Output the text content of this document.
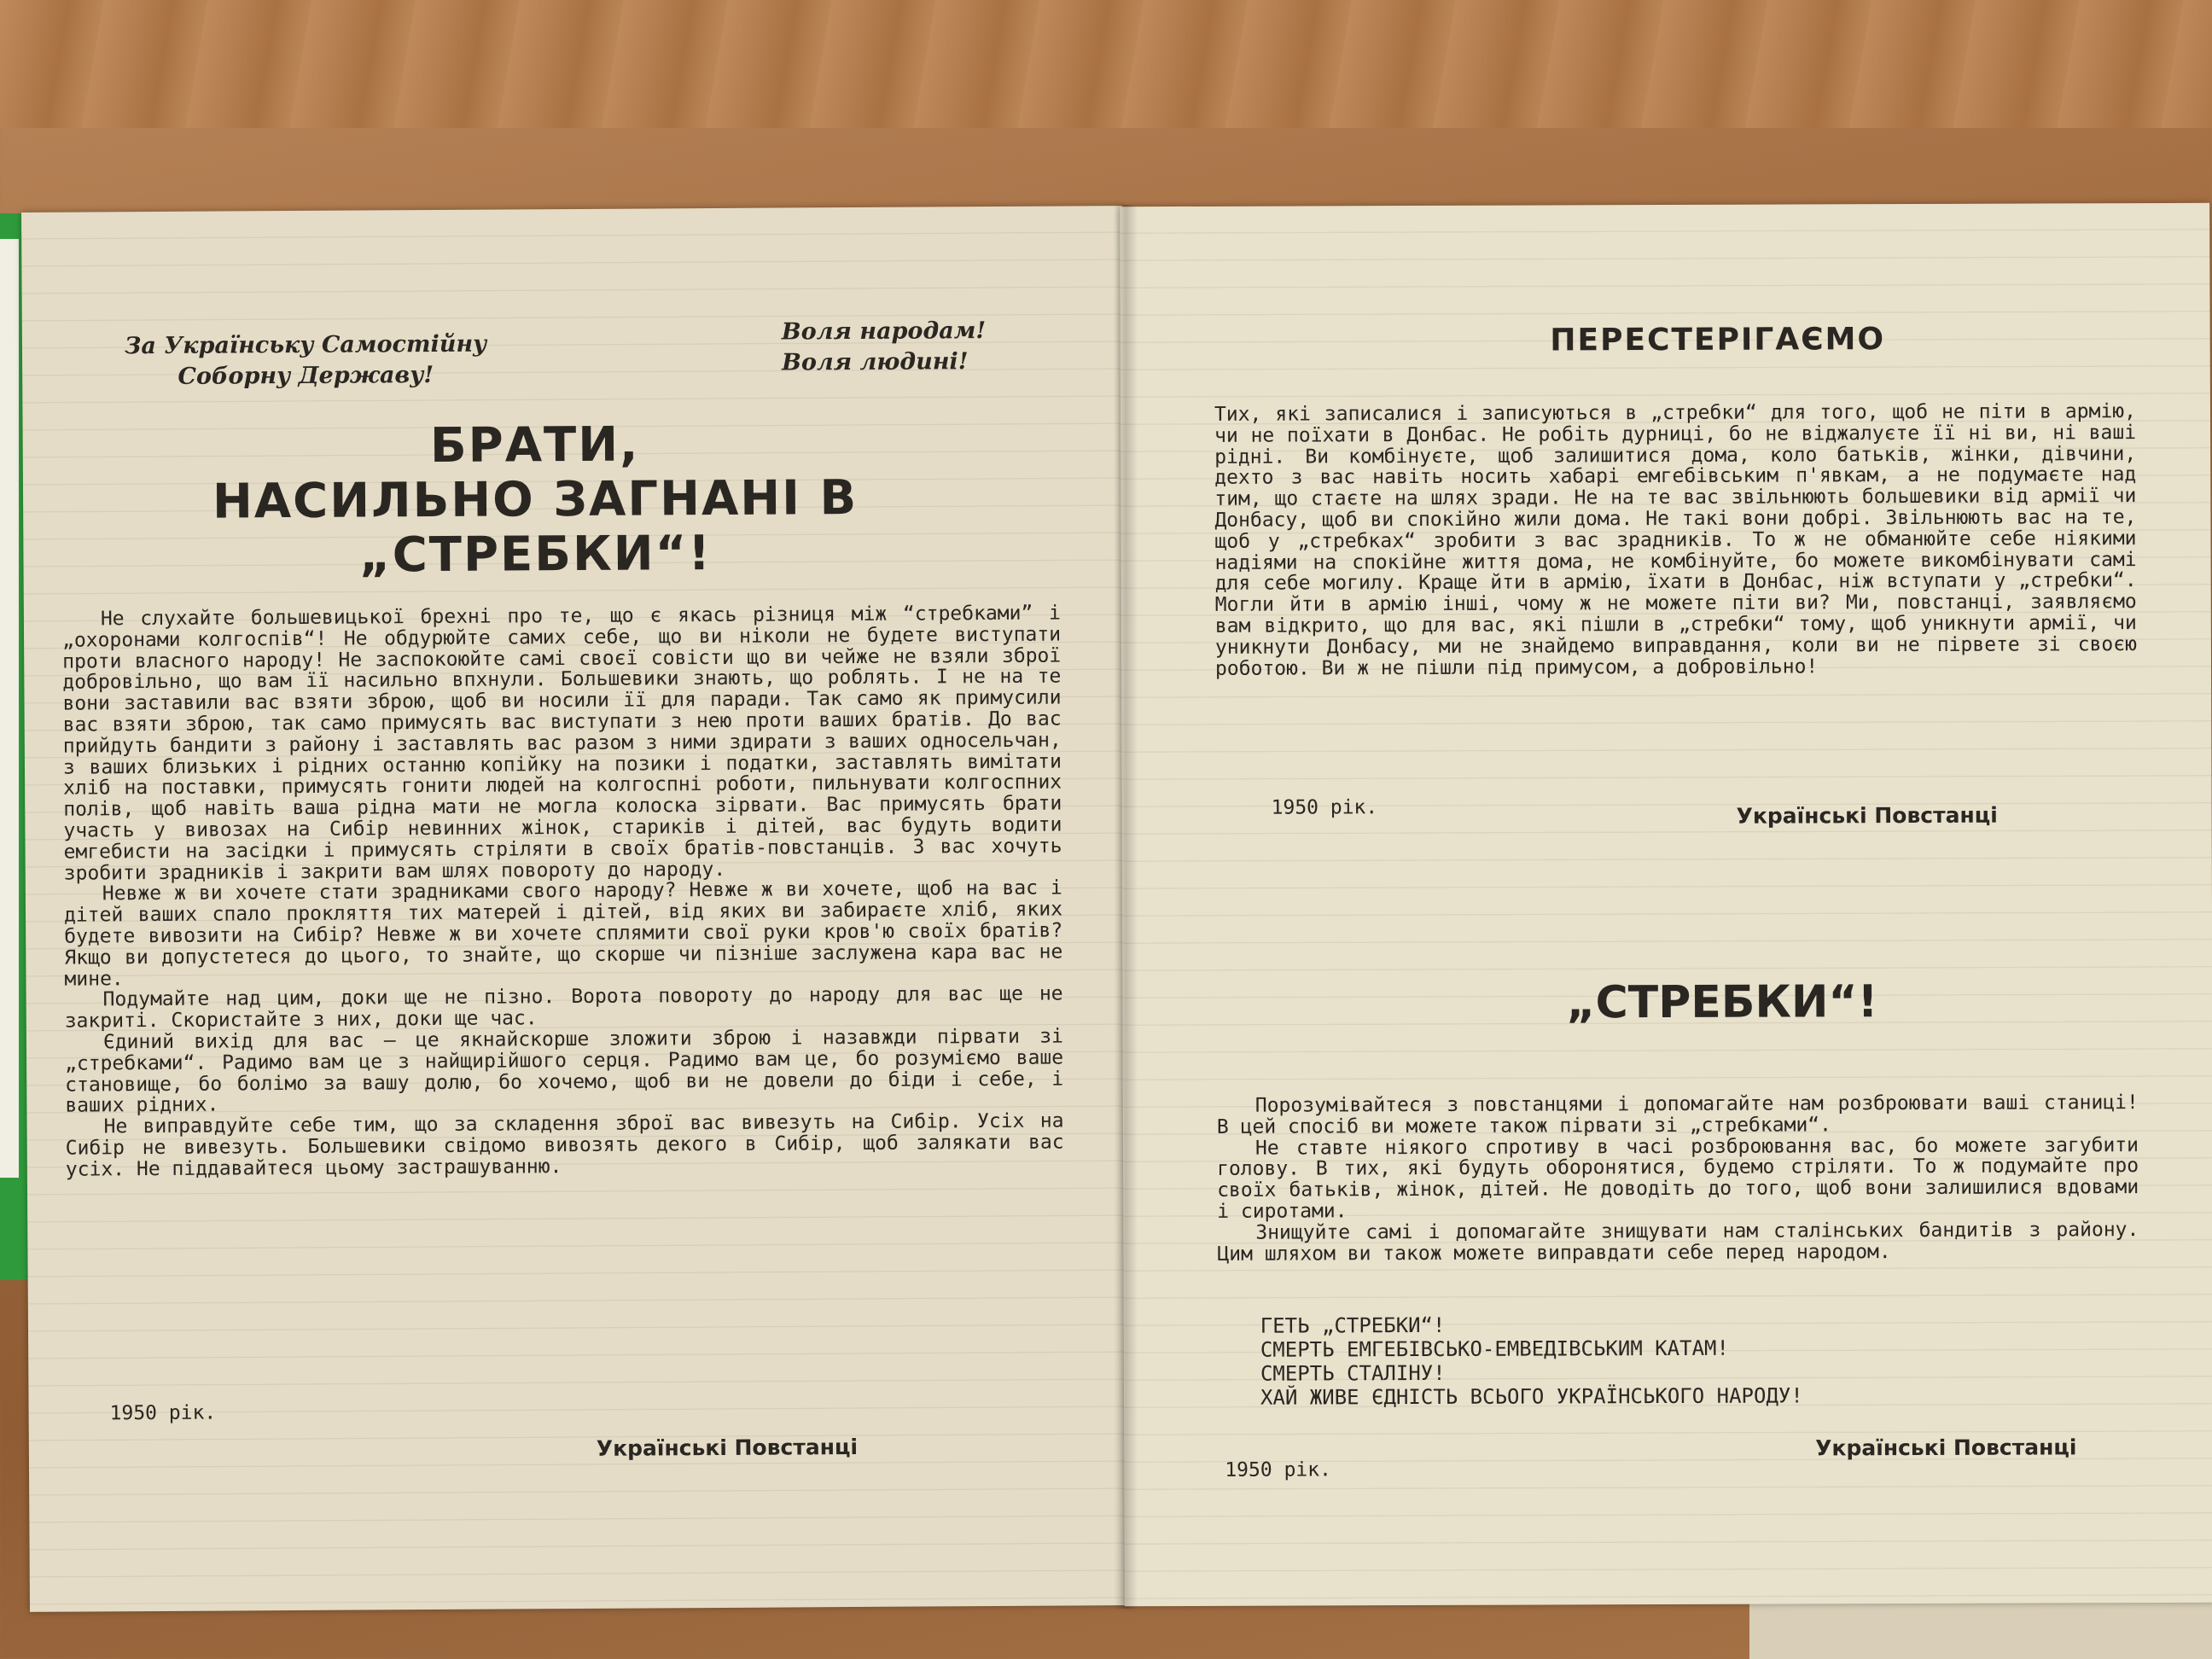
За Українську Самостійну
Соборну Державу!
Воля народам!
Воля людині!
БРАТИ,
НАСИЛЬНО ЗАГНАНІ В
„СТРЕБКИ“!

Не слухайте большевицької брехні про те, що є якась різниця між “стребками” і „охоронами колгоспів“! Не обдурюйте самих себе, що ви ніколи не будете виступати проти власного народу! Не заспокоюйте самі своєї совісти що ви чейже не взяли зброї добровільно, що вам її насильно впхнули. Большевики знають, що роблять. І не на те вони заставили вас взяти зброю, щоб ви носили її для паради. Так само як примусили вас взяти зброю, так само примусять вас виступати з нею проти ваших братів. До вас прийдуть бандити з району і заставлять вас разом з ними здирати з ваших односельчан, з ваших близьких і рідних останню копійку на позики і податки, заставлять вимітати хліб на поставки, примусять гонити людей на колгоспні роботи, пильнувати колгоспних полів, щоб навіть ваша рідна мати не могла колоска зірвати. Вас примусять брати участь у вивозах на Сибір невинних жінок, стариків і дітей, вас будуть водити емгебисти на засідки і примусять стріляти в своїх братів-повстанців. З вас хочуть зробити зрадників і закрити вам шлях повороту до народу.

Невже ж ви хочете стати зрадниками свого народу? Невже ж ви хочете, щоб на вас і дітей ваших спало прокляття тих матерей і дітей, від яких ви забираєте хліб, яких будете вивозити на Сибір? Невже ж ви хочете сплямити свої руки кров'ю своїх братів? Якщо ви допустетеся до цього, то знайте, що скорше чи пізніше заслужена кара вас не мине.

Подумайте над цим, доки ще не пізно. Ворота повороту до народу для вас ще не закриті. Скористайте з них, доки ще час.

Єдиний вихід для вас — це якнайскорше зложити зброю і назавжди пірвати зі „стребками“. Радимо вам це з найщирійшого серця. Радимо вам це, бо розуміємо ваше становище, бо болімо за вашу долю, бо хочемо, щоб ви не довели до біди і себе, і ваших рідних.

Не виправдуйте себе тим, що за складення зброї вас вивезуть на Сибір. Усіх на Сибір не вивезуть. Большевики свідомо вивозять декого в Сибір, щоб залякати вас усіх. Не піддавайтеся цьому застрашуванню.

1950 рік.
Українські Повстанці
ПЕРЕСТЕРІГАЄМО

Тих, які записалися і записуються в „стребки“ для того, щоб не піти в армію, чи не поїхати в Донбас. Не робіть дурниці, бо не віджалуєте її ні ви, ні ваші рідні. Ви комбінуєте, щоб залишитися дома, коло батьків, жінки, дівчини, дехто з вас навіть носить хабарі емгебівським п'явкам, а не подумаєте над тим, що стаєте на шлях зради. Не на те вас звільнюють большевики від армії чи Донбасу, щоб ви спокійно жили дома. Не такі вони добрі. Звільнюють вас на те, щоб у „стребках“ зробити з вас зрадників. То ж не обманюйте себе ніякими надіями на спокійне життя дома, не комбінуйте, бо можете викомбінувати самі для себе могилу. Краще йти в армію, їхати в Донбас, ніж вступати у „стребки“. Могли йти в армію інші, чому ж не можете піти ви? Ми, повстанці, заявляємо вам відкрито, що для вас, які пішли в „стребки“ тому, щоб уникнути армії, чи уникнути Донбасу, ми не знайдемо виправдання, коли ви не пірвете зі своєю роботою. Ви ж не пішли під примусом, а добровільно!

1950 рік.	Українські Повстанці
„СТРЕБКИ“!

Порозумівайтеся з повстанцями і допомагайте нам розброювати ваші станиці! В цей спосіб ви можете також пірвати зі „стребками“.

Не ставте ніякого спротиву в часі розброювання вас, бо можете загубити голову. В тих, які будуть оборонятися, будемо стріляти. То ж подумайте про своїх батьків, жінок, дітей. Не доводіть до того, щоб вони залишилися вдовами і сиротами.

Знищуйте самі і допомагайте знищувати нам сталінських бандитів з району. Цим шляхом ви також можете виправдати себе перед народом.

ГЕТЬ „СТРЕБКИ“!
СМЕРТЬ ЕМГЕБІВСЬКО-ЕМВЕДІВСЬКИМ КАТАМ!
СМЕРТЬ СТАЛІНУ!
ХАЙ ЖИВЕ ЄДНІСТЬ ВСЬОГО УКРАЇНСЬКОГО НАРОДУ!
1950 рік.
Українські Повстанці
